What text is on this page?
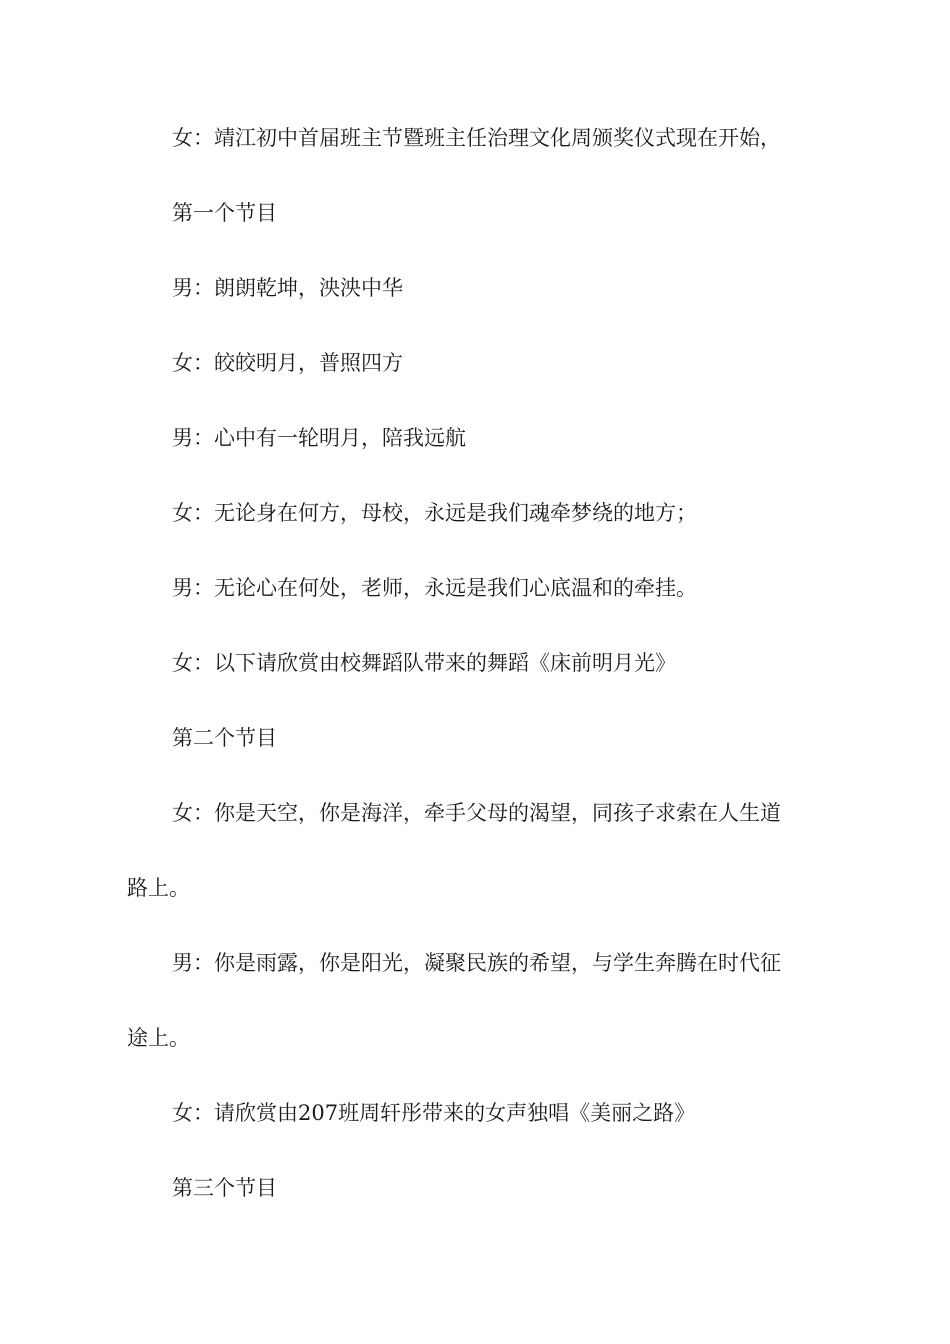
女：靖江初中首届班主节暨班主任治理文化周颁奖仪式现在开始，
第一个节目
男：朗朗乾坤，泱泱中华
女：皎皎明月，普照四方
男：心中有一轮明月，陪我远航
女：无论身在何方，母校，永远是我们魂牵梦绕的地方；
男：无论心在何处，老师，永远是我们心底温和的牵挂。
女：以下请欣赏由校舞蹈队带来的舞蹈《床前明月光》
第二个节目
女：你是天空，你是海洋，牵手父母的渴望，同孩子求索在人生道
路上。
男：你是雨露，你是阳光，凝聚民族的希望，与学生奔腾在时代征
途上。
女：请欣赏由207班周轩彤带来的女声独唱《美丽之路》
第三个节目
